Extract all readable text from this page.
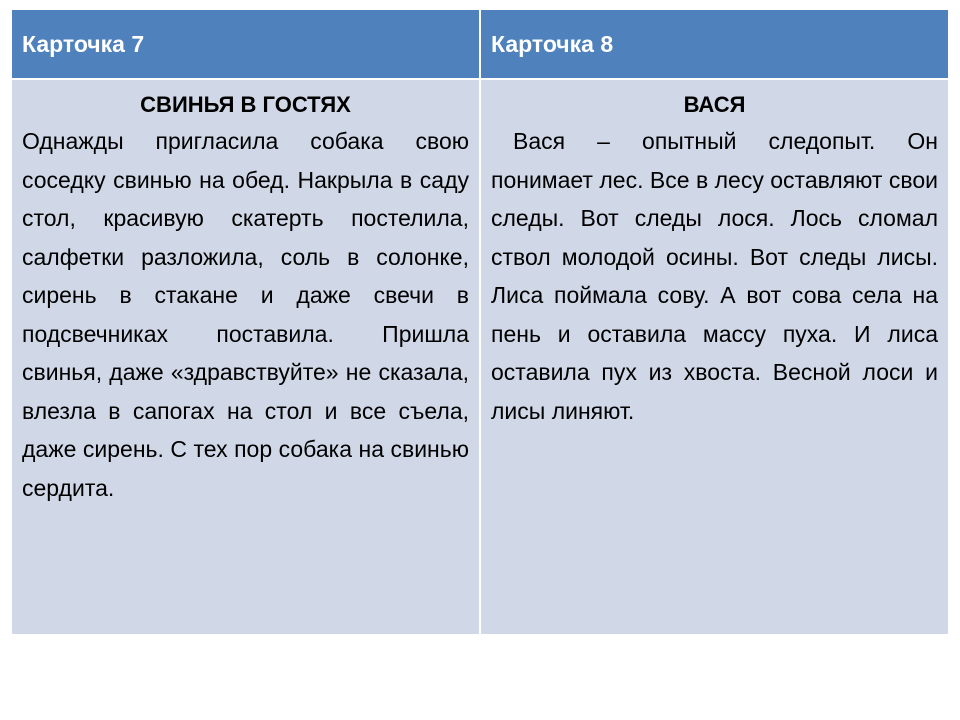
Карточка 7	Карточка 8

СВИНЬЯ В ГОСТЯХ

Однажды пригласила собака свою соседку свинью на обед. Накрыла в саду стол, красивую скатерть постелила, салфетки разложила, соль в солонке, сирень в стакане и даже свечи в подсвечниках поставила. Пришла свинья, даже «здравствуйте» не сказала, влезла в сапогах на стол и все съела, даже сирень. С тех пор собака на свинью сердита.

ВАСЯ

Вася – опытный следопыт. Он понимает лес. Все в лесу оставляют свои следы. Вот следы лося. Лось сломал ствол молодой осины. Вот следы лисы. Лиса поймала сову. А вот сова села на пень и оставила массу пуха. И лиса оставила пух из хвоста. Весной лоси и лисы линяют.
